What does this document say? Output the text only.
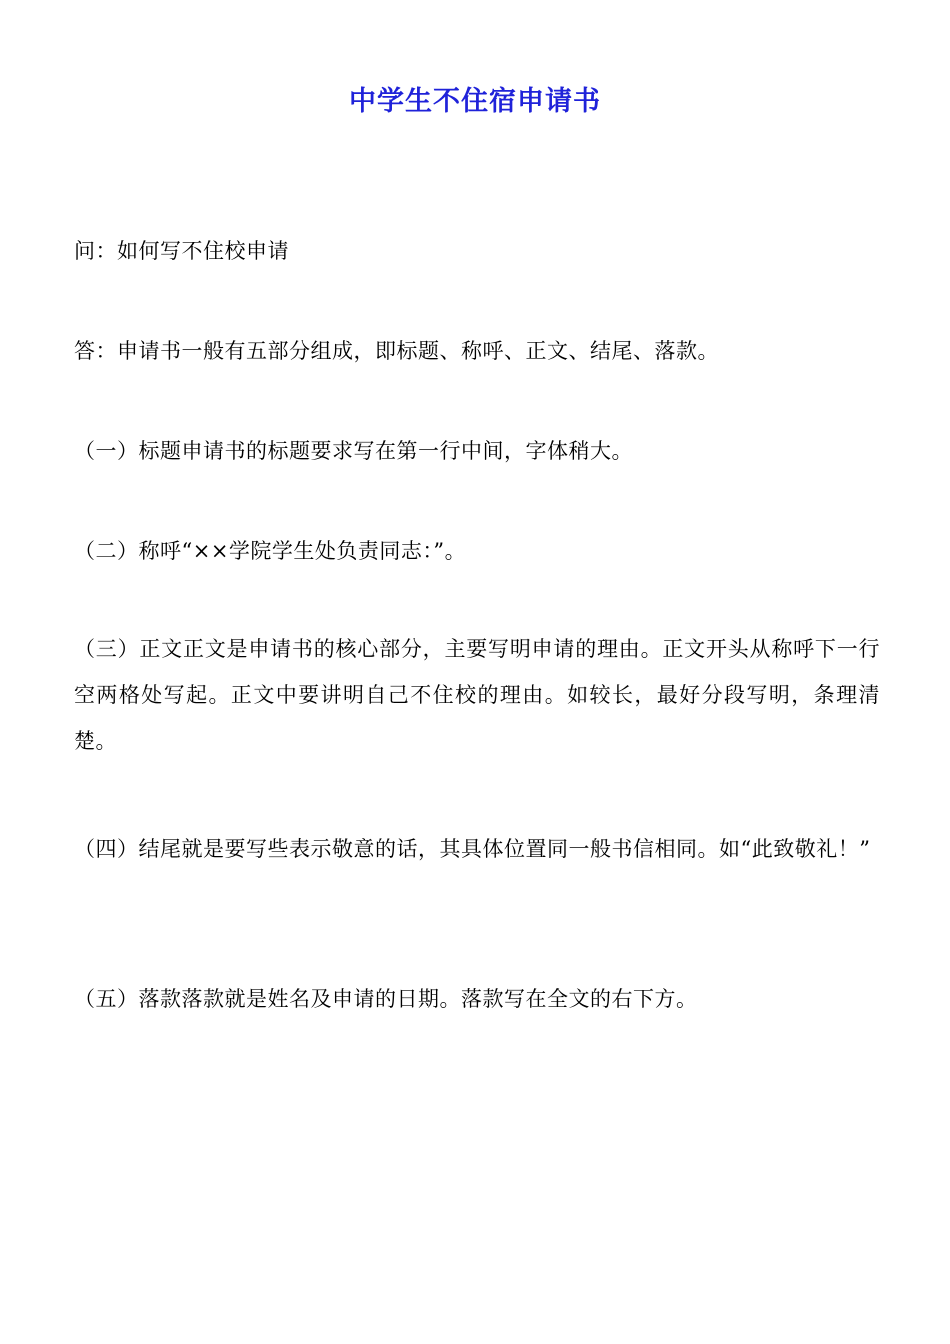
中学生不住宿申请书
问：如何写不住校申请
答：申请书一般有五部分组成，即标题、称呼、正文、结尾、落款。
（一）标题申请书的标题要求写在第一行中间，字体稍大。
（二）称呼“××学院学生处负责同志：”。
（三）正文正文是申请书的核心部分，主要写明申请的理由。正文开头从称呼下一行空两格处写起。正文中要讲明自己不住校的理由。如较长，最好分段写明，条理清楚。
（四）结尾就是要写些表示敬意的话，其具体位置同一般书信相同。如“此致敬礼！”
（五）落款落款就是姓名及申请的日期。落款写在全文的右下方。
